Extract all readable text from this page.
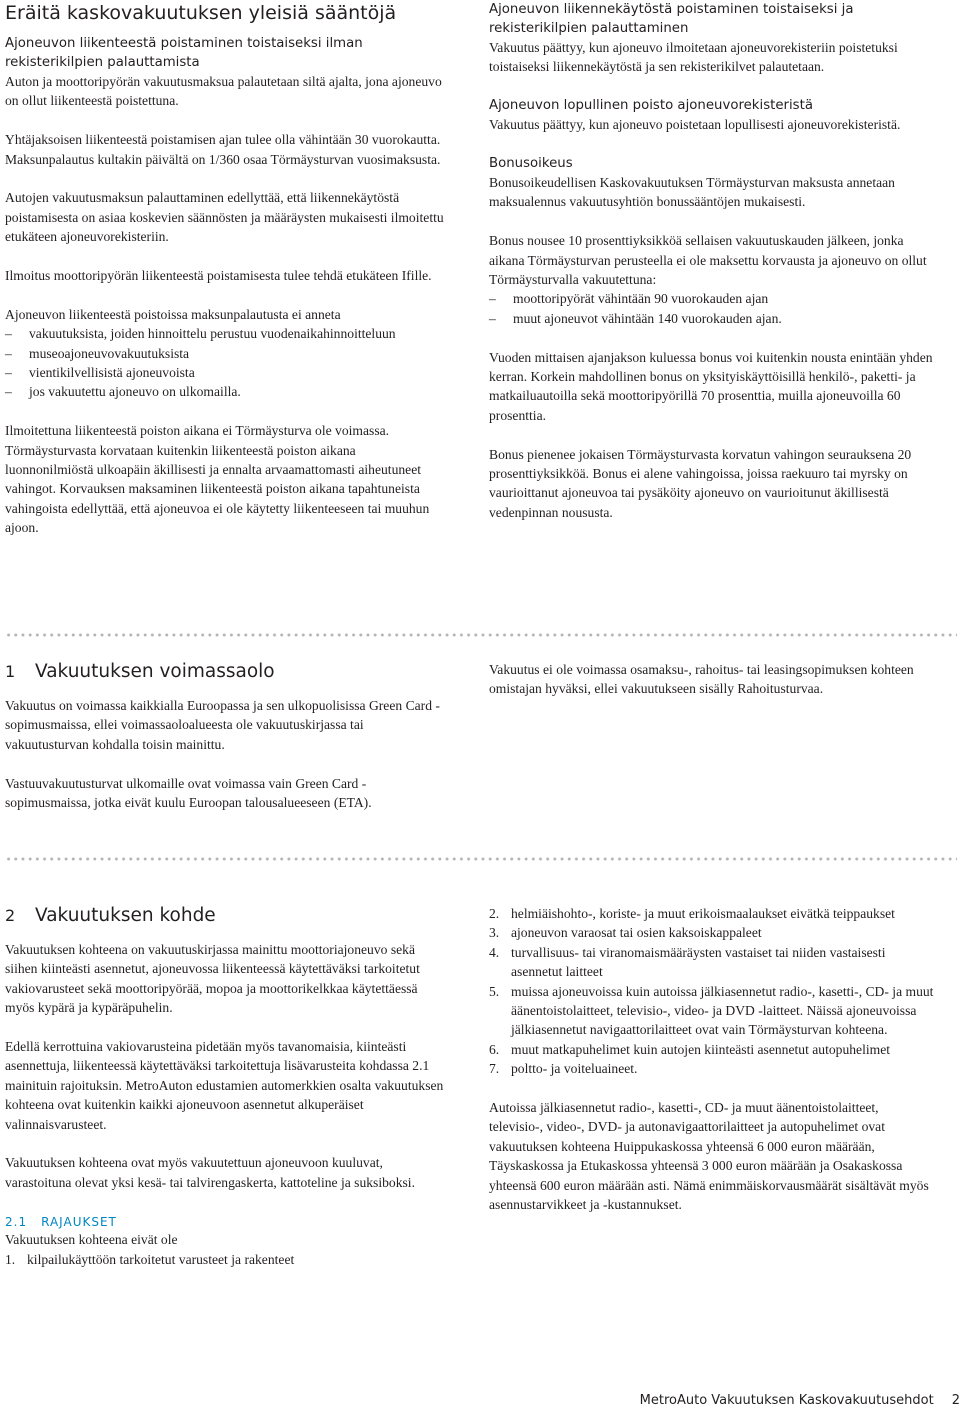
Eräitä kaskovakuutuksen yleisiä sääntöjä
Ajoneuvon liikenteestä poistaminen toistaiseksi ilman rekisterikilpien palauttamista

Auton ja moottoripyörän vakuutusmaksua palautetaan siltä ajalta, jona ajoneuvo on ollut liikenteestä poistettuna.

Yhtäjaksoisen liikenteestä poistamisen ajan tulee olla vähintään 30 vuorokautta. Maksunpalautus kultakin päivältä on 1/360 osaa Törmäysturvan vuosimaksusta.

Autojen vakuutusmaksun palauttaminen edellyttää, että liikennekäytöstä poistamisesta on asiaa koskevien säännösten ja määräysten mukaisesti ilmoitettu etukäteen ajoneuvorekisteriin.

Ilmoitus moottoripyörän liikenteestä poistamisesta tulee tehdä etukäteen Ifille.

Ajoneuvon liikenteestä poistoissa maksunpalautusta ei anneta

–	vakuutuksista, joiden hinnoittelu perustuu vuodenaikahinnoitteluun
–	museoajoneuvovakuutuksista
–	vientikilvellisistä ajoneuvoista
–	jos vakuutettu ajoneuvo on ulkomailla.

Ilmoitettuna liikenteestä poiston aikana ei Törmäysturva ole voimassa. Törmäysturvasta korvataan kuitenkin liikenteestä poiston aikana luonnonilmiöstä ulkoapäin äkillisesti ja ennalta arvaamattomasti aiheutuneet vahingot. Korvauksen maksaminen liikenteestä poiston aikana tapahtuneista vahingoista edellyttää, että ajoneuvoa ei ole käytetty liikenteeseen tai muuhun ajoon.

Ajoneuvon liikennekäytöstä poistaminen toistaiseksi ja rekisterikilpien palauttaminen

Vakuutus päättyy, kun ajoneuvo ilmoitetaan ajoneuvorekisteriin poistetuksi toistaiseksi liikennekäytöstä ja sen rekisterikilvet palautetaan.

Ajoneuvon lopullinen poisto ajoneuvorekisteristä

Vakuutus päättyy, kun ajoneuvo poistetaan lopullisesti ajoneuvorekisteristä.

Bonusoikeus

Bonusoikeudellisen Kaskovakuutuksen Törmäysturvan maksusta annetaan maksualennus vakuutusyhtiön bonussääntöjen mukaisesti.

Bonus nousee 10 prosenttiyksikköä sellaisen vakuutuskauden jälkeen, jonka aikana Törmäysturvan perusteella ei ole maksettu korvausta ja ajoneuvo on ollut Törmäysturvalla vakuutettuna:

–	moottoripyörät vähintään 90 vuorokauden ajan
–	muut ajoneuvot vähintään 140 vuorokauden ajan.

Vuoden mittaisen ajanjakson kuluessa bonus voi kuitenkin nousta enintään yhden kerran. Korkein mahdollinen bonus on yksityiskäyttöisillä henkilö-, paketti- ja matkailuautoilla sekä moottoripyörillä 70 prosenttia, muilla ajoneuvoilla 60 prosenttia.

Bonus pienenee jokaisen Törmäysturvasta korvatun vahingon seurauksena 20 prosenttiyksikköä. Bonus ei alene vahingoissa, joissa raekuuro tai myrsky on vaurioittanut ajoneuvoa tai pysäköity ajoneuvo on vaurioitunut äkillisestä vedenpinnan noususta.

1	Vakuutuksen voimassaolo

Vakuutus on voimassa kaikkialla Euroopassa ja sen ulkopuolisissa Green Card -sopimusmaissa, ellei voimassaoloalueesta ole vakuutuskirjassa tai vakuutusturvan kohdalla toisin mainittu.

Vastuuvakuutusturvat ulkomaille ovat voimassa vain Green Card -sopimusmaissa, jotka eivät kuulu Euroopan talousalueeseen (ETA).

Vakuutus ei ole voimassa osamaksu-, rahoitus- tai leasingsopimuksen kohteen omistajan hyväksi, ellei vakuutukseen sisälly Rahoitusturvaa.

2	Vakuutuksen kohde

Vakuutuksen kohteena on vakuutuskirjassa mainittu moottoriajoneuvo sekä siihen kiinteästi asennetut, ajoneuvossa liikenteessä käytettäväksi tarkoitetut vakiovarusteet sekä moottoripyörää, mopoa ja moottorikelkkaa käytettäessä myös kypärä ja kypäräpuhelin.

Edellä kerrottuina vakiovarusteina pidetään myös tavanomaisia, kiinteästi asennettuja, liikenteessä käytettäväksi tarkoitettuja lisävarusteita kohdassa 2.1 mainituin rajoituksin. MetroAuton edustamien automerkkien osalta vakuutuksen kohteena ovat kuitenkin kaikki ajoneuvoon asennetut alkuperäiset valinnaisvarusteet.

Vakuutuksen kohteena ovat myös vakuutettuun ajoneuvoon kuuluvat, varastoituna olevat yksi kesä- tai talvirengaskerta, kattoteline ja suksiboksi.

2.1 RAJAUKSET

Vakuutuksen kohteena eivät ole

1. kilpailukäyttöön tarkoitetut varusteet ja rakenteet
2. helmiäishohto-, koriste- ja muut erikoismaalaukset eivätkä teippaukset
3. ajoneuvon varaosat tai osien kaksoiskappaleet
4. turvallisuus- tai viranomaismääräysten vastaiset tai niiden vastaisesti asennetut laitteet
5. muissa ajoneuvoissa kuin autoissa jälkiasennetut radio-, kasetti-, CD- ja muut äänentoistolaitteet, televisio-, video- ja DVD -laitteet. Näissä ajoneuvoissa jälkiasennetut navigaattorilaitteet ovat vain Törmäysturvan kohteena.
6. muut matkapuhelimet kuin autojen kiinteästi asennetut autopuhelimet
7. poltto- ja voiteluaineet.

Autoissa jälkiasennetut radio-, kasetti-, CD- ja muut äänentoistolaitteet, televisio-, video-, DVD- ja autonavigaattorilaitteet ja autopuhelimet ovat vakuutuksen kohteena Huippukaskossa yhteensä 6 000 euron määrään, Täyskaskossa ja Etukaskossa yhteensä 3 000 euron määrään ja Osakaskossa yhteensä 600 euron määrään asti. Nämä enimmäiskorvausmäärät sisältävät myös asennustarvikkeet ja -kustannukset.

MetroAuto Vakuutuksen Kaskovakuutusehdot 2
